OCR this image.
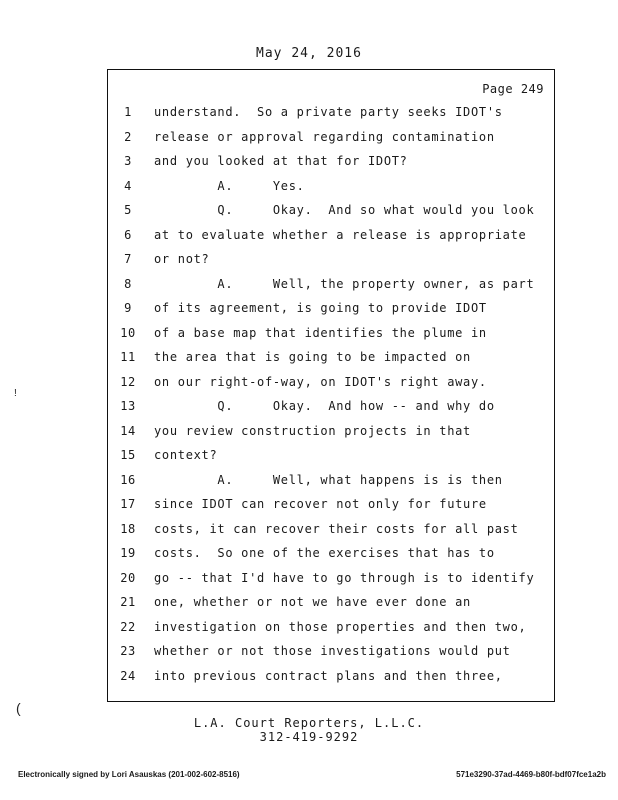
May 24, 2016
Page 249
1	understand.  So a private party seeks IDOT's
2	release or approval regarding contamination
3	and you looked at that for IDOT?
4	A.     Yes.
5	Q.     Okay.  And so what would you look
6	at to evaluate whether a release is appropriate
7	or not?
8	A.     Well, the property owner, as part
9	of its agreement, is going to provide IDOT
10	of a base map that identifies the plume in
11	the area that is going to be impacted on
12	on our right-of-way, on IDOT's right away.
13	Q.     Okay.  And how -- and why do
14	you review construction projects in that
15	context?
16	A.     Well, what happens is is then
17	since IDOT can recover not only for future
18	costs, it can recover their costs for all past
19	costs.  So one of the exercises that has to
20	go -- that I'd have to go through is to identify
21	one, whether or not we have ever done an
22	investigation on those properties and then two,
23	whether or not those investigations would put
24	into previous contract plans and then three,
L.A. Court Reporters, L.L.C.
312-419-9292
Electronically signed by Lori Asauskas (201-002-602-8516)	571e3290-37ad-4469-b80f-bdf07fce1a2b
!
(
